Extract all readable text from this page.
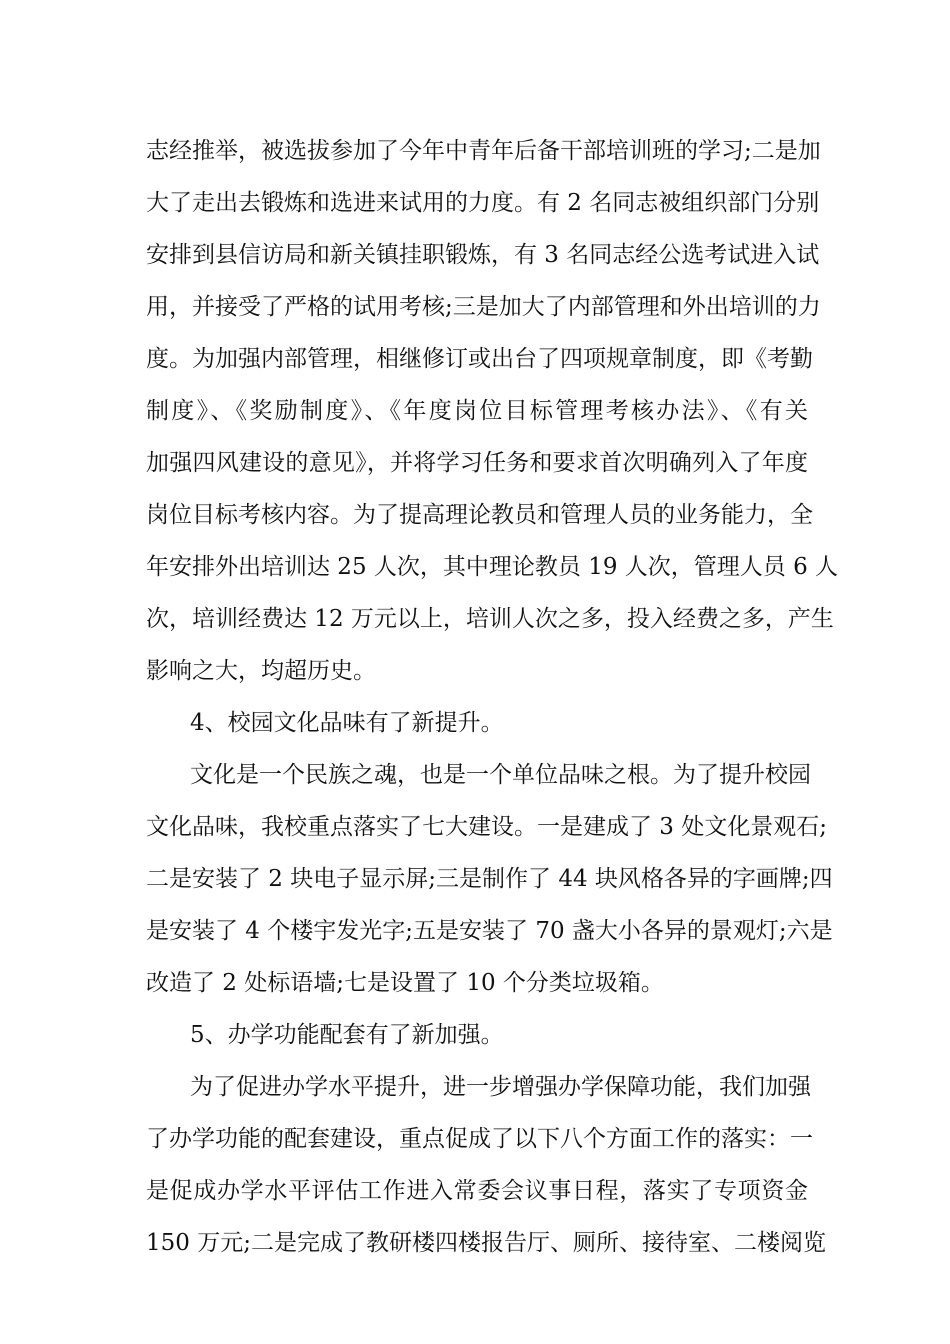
志经推举，被选拔参加了今年中青年后备干部培训班的学习;二是加
大了走出去锻炼和选进来试用的力度。有 2 名同志被组织部门分别
安排到县信访局和新关镇挂职锻炼，有 3 名同志经公选考试进入试
用，并接受了严格的试用考核;三是加大了内部管理和外出培训的力
度。为加强内部管理，相继修订或出台了四项规章制度，即《考勤
制度》、《奖励制度》、《年度岗位目标管理考核办法》、《有关
加强四风建设的意见》，并将学习任务和要求首次明确列入了年度
岗位目标考核内容。为了提高理论教员和管理人员的业务能力，全
年安排外出培训达 25 人次，其中理论教员 19 人次，管理人员 6 人
次，培训经费达 12 万元以上，培训人次之多，投入经费之多，产生
影响之大，均超历史。
4、校园文化品味有了新提升。
文化是一个民族之魂，也是一个单位品味之根。为了提升校园
文化品味，我校重点落实了七大建设。一是建成了 3 处文化景观石;
二是安装了 2 块电子显示屏;三是制作了 44 块风格各异的字画牌;四
是安装了 4 个楼宇发光字;五是安装了 70 盏大小各异的景观灯;六是
改造了 2 处标语墙;七是设置了 10 个分类垃圾箱。
5、办学功能配套有了新加强。
为了促进办学水平提升，进一步增强办学保障功能，我们加强
了办学功能的配套建设，重点促成了以下八个方面工作的落实：一
是促成办学水平评估工作进入常委会议事日程，落实了专项资金
150 万元;二是完成了教研楼四楼报告厅、厕所、接待室、二楼阅览
